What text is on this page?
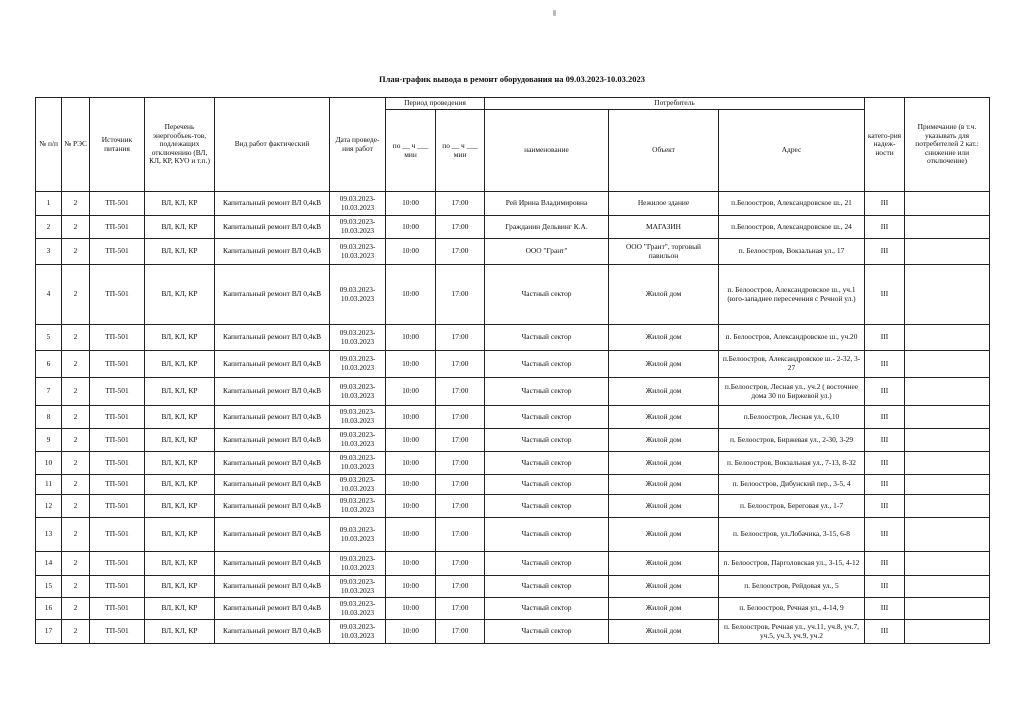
План-график вывода в ремонт оборудования на 09.03.2023-10.03.2023
№ п/п	№ РЭС	Источник питания	Перечень энергообъек-тов, подлежащих отключению (ВЛ, КЛ, КР, КУО и т.п.)	Вид работ фактический	Дата проведе-ния работ	Период проведения		Потребитель			катего-рия надеж-ности	Примечание (в т.ч. указывать для потребителей 2 кат.: снижение или отключение)
						по __ ч ___ мин	по __ ч ___ мин	наименование	Объект	Адрес		
1	2	ТП-501	ВЛ, КЛ, КР	Капитальный ремонт ВЛ 0,4кВ	09.03.2023-10.03.2023	10:00	17:00	Рей Ирина Владимировна	Нежилое здание	п.Белоостров, Александровское ш., 21	III	
2	2	ТП-501	ВЛ, КЛ, КР	Капитальный ремонт ВЛ 0,4кВ	09.03.2023-10.03.2023	10:00	17:00	Гражданин Дельвинг К.А.	МАГАЗИН	п.Белоостров, Александровское ш., 24	III	
3	2	ТП-501	ВЛ, КЛ, КР	Капитальный ремонт ВЛ 0,4кВ	09.03.2023-10.03.2023	10:00	17:00	ООО "Грант"	ООО "Грант", торговый павильон	п. Белоостров, Вокзальная ул., 17	III	
4	2	ТП-501	ВЛ, КЛ, КР	Капитальный ремонт ВЛ 0,4кВ	09.03.2023-10.03.2023	10:00	17:00	Частный сектор	Жилой дом	п. Белоостров, Александровское ш., уч.1 (юго-западнее пересечения с Речной ул.)	III	
5	2	ТП-501	ВЛ, КЛ, КР	Капитальный ремонт ВЛ 0,4кВ	09.03.2023-10.03.2023	10:00	17:00	Частный сектор	Жилой дом	п. Белоостров, Александровское ш., уч.20	III	
6	2	ТП-501	ВЛ, КЛ, КР	Капитальный ремонт ВЛ 0,4кВ	09.03.2023-10.03.2023	10:00	17:00	Частный сектор	Жилой дом	п.Белоостров, Александровское ш.- 2-32, 3-27	III	
7	2	ТП-501	ВЛ, КЛ, КР	Капитальный ремонт ВЛ 0,4кВ	09.03.2023-10.03.2023	10:00	17:00	Частный сектор	Жилой дом	п.Белоостров, Лесная ул., уч.2 ( восточнее дома 30 по Биржевой ул.)	III	
8	2	ТП-501	ВЛ, КЛ, КР	Капитальный ремонт ВЛ 0,4кВ	09.03.2023-10.03.2023	10:00	17:00	Частный сектор	Жилой дом	п.Белоостров, Лесная ул., 6,10	III	
9	2	ТП-501	ВЛ, КЛ, КР	Капитальный ремонт ВЛ 0,4кВ	09.03.2023-10.03.2023	10:00	17:00	Частный сектор	Жилой дом	п. Белоостров, Биржевая ул., 2-30, 3-29	III	
10	2	ТП-501	ВЛ, КЛ, КР	Капитальный ремонт ВЛ 0,4кВ	09.03.2023-10.03.2023	10:00	17:00	Частный сектор	Жилой дом	п. Белоостров, Вокзальная ул., 7-13, 8-32	III	
11	2	ТП-501	ВЛ, КЛ, КР	Капитальный ремонт ВЛ 0,4кВ	09.03.2023-10.03.2023	10:00	17:00	Частный сектор	Жилой дом	п. Белоостров, Дибунский пер., 3-5, 4	III	
12	2	ТП-501	ВЛ, КЛ, КР	Капитальный ремонт ВЛ 0,4кВ	09.03.2023-10.03.2023	10:00	17:00	Частный сектор	Жилой дом	п. Белоостров, Береговая ул., 1-7	III	
13	2	ТП-501	ВЛ, КЛ, КР	Капитальный ремонт ВЛ 0,4кВ	09.03.2023-10.03.2023	10:00	17:00	Частный сектор	Жилой дом	п. Белоостров, ул.Лобачика, 3-15, 6-8	III	
14	2	ТП-501	ВЛ, КЛ, КР	Капитальный ремонт ВЛ 0,4кВ	09.03.2023-10.03.2023	10:00	17:00	Частный сектор	Жилой дом	п. Белоостров, Парголовская ул., 3-15, 4-12	III	
15	2	ТП-501	ВЛ, КЛ, КР	Капитальный ремонт ВЛ 0,4кВ	09.03.2023-10.03.2023	10:00	17:00	Частный сектор	Жилой дом	п. Белоостров, Рейдовая ул., 5	III	
16	2	ТП-501	ВЛ, КЛ, КР	Капитальный ремонт ВЛ 0,4кВ	09.03.2023-10.03.2023	10:00	17:00	Частный сектор	Жилой дом	п. Белоостров, Речная ул., 4-14, 9	III	
17	2	ТП-501	ВЛ, КЛ, КР	Капитальный ремонт ВЛ 0,4кВ	09.03.2023-10.03.2023	10:00	17:00	Частный сектор	Жилой дом	п. Белоостров, Речная ул., уч.11, уч.8, уч.7, уч.5, уч.3, уч.9, уч.2	III	
